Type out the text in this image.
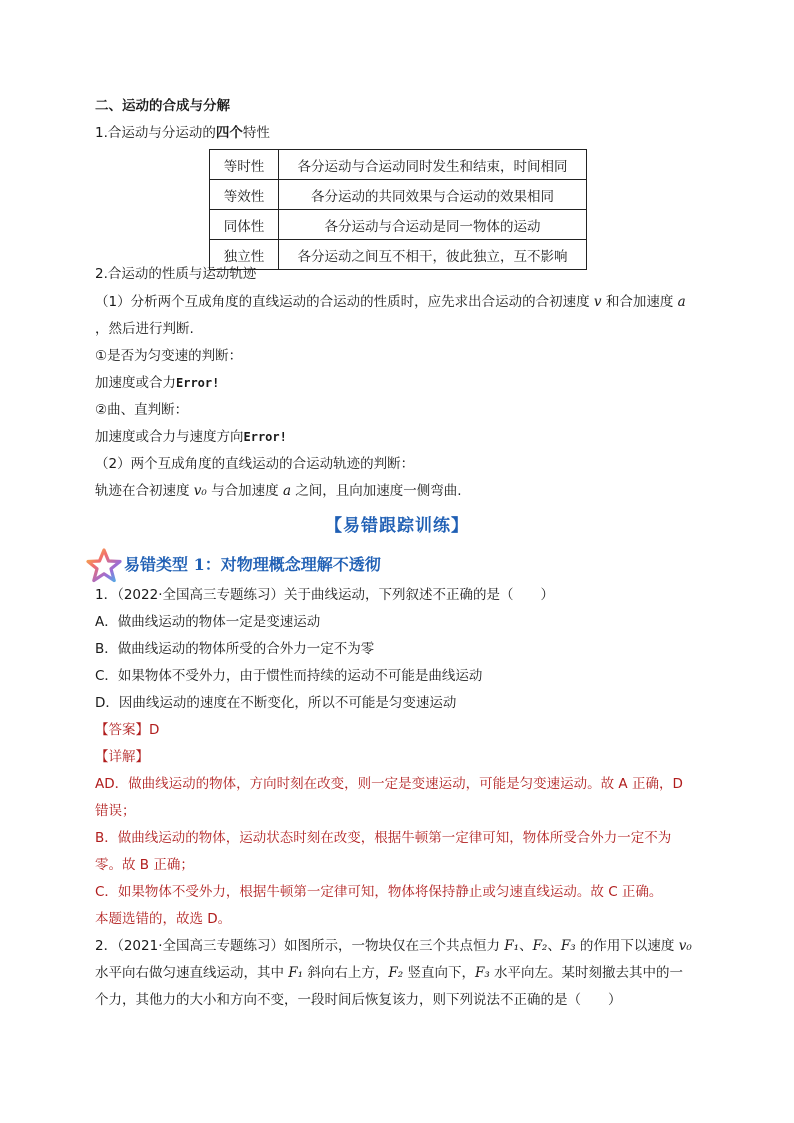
二、运动的合成与分解
1.合运动与分运动的四个特性
等时性	各分运动与合运动同时发生和结束，时间相同
等效性	各分运动的共同效果与合运动的效果相同
同体性	各分运动与合运动是同一物体的运动
独立性	各分运动之间互不相干，彼此独立，互不影响
2.合运动的性质与运动轨迹
（1）分析两个互成角度的直线运动的合运动的性质时，应先求出合运动的合初速度 v 和合加速度 a
，然后进行判断.
①是否为匀变速的判断：
加速度或合力Error!
②曲、直判断：
加速度或合力与速度方向Error!
（2）两个互成角度的直线运动的合运动轨迹的判断：
轨迹在合初速度 v₀ 与合加速度 a 之间，且向加速度一侧弯曲.
【易错跟踪训练】
易错类型 1：对物理概念理解不透彻
1．（2022·全国高三专题练习）关于曲线运动，下列叙述不正确的是（　　）
A．做曲线运动的物体一定是变速运动
B．做曲线运动的物体所受的合外力一定不为零
C．如果物体不受外力，由于惯性而持续的运动不可能是曲线运动
D．因曲线运动的速度在不断变化，所以不可能是匀变速运动
【答案】D
【详解】
AD．做曲线运动的物体，方向时刻在改变，则一定是变速运动，可能是匀变速运动。故 A 正确，D
错误；
B．做曲线运动的物体，运动状态时刻在改变，根据牛顿第一定律可知，物体所受合外力一定不为
零。故 B 正确；
C．如果物体不受外力，根据牛顿第一定律可知，物体将保持静止或匀速直线运动。故 C 正确。
本题选错的，故选 D。
2．（2021·全国高三专题练习）如图所示，一物块仅在三个共点恒力 F₁、F₂、F₃ 的作用下以速度 v₀
水平向右做匀速直线运动，其中 F₁ 斜向右上方，F₂ 竖直向下，F₃ 水平向左。某时刻撤去其中的一
个力，其他力的大小和方向不变，一段时间后恢复该力，则下列说法不正确的是（　　）
